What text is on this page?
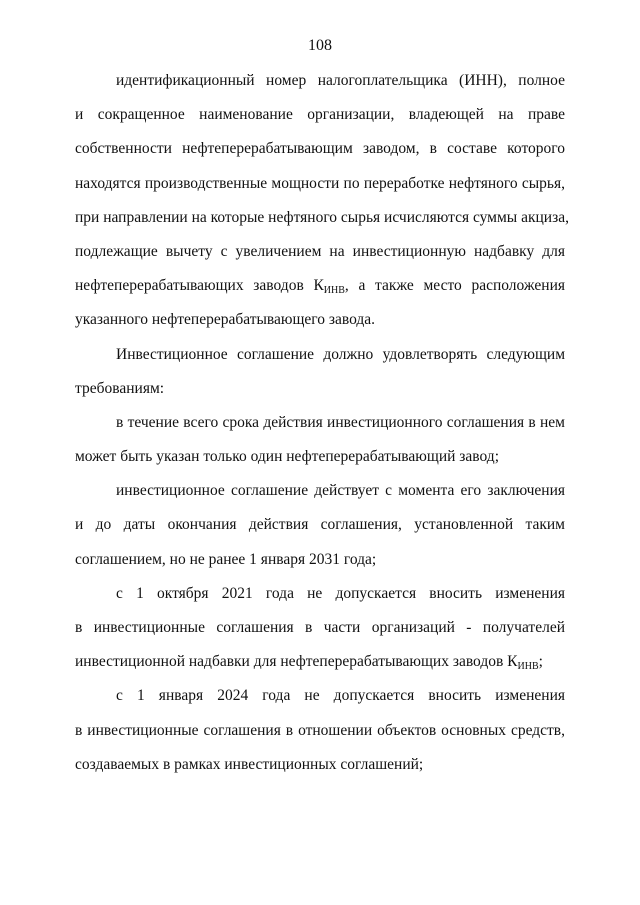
108
идентификационный номер налогоплательщика (ИНН), полное
и сокращенное наименование организации, владеющей на праве
собственности нефтеперерабатывающим заводом, в составе которого
находятся производственные мощности по переработке нефтяного сырья,
при направлении на которые нефтяного сырья исчисляются суммы акциза,
подлежащие вычету с увеличением на инвестиционную надбавку для
нефтеперерабатывающих заводов КИНВ, а также место расположения
указанного нефтеперерабатывающего завода.
Инвестиционное соглашение должно удовлетворять следующим
требованиям:
в течение всего срока действия инвестиционного соглашения в нем
может быть указан только один нефтеперерабатывающий завод;
инвестиционное соглашение действует с момента его заключения
и до даты окончания действия соглашения, установленной таким
соглашением, но не ранее 1 января 2031 года;
с 1 октября 2021 года не допускается вносить изменения
в инвестиционные соглашения в части организаций - получателей
инвестиционной надбавки для нефтеперерабатывающих заводов КИНВ;
с 1 января 2024 года не допускается вносить изменения
в инвестиционные соглашения в отношении объектов основных средств,
создаваемых в рамках инвестиционных соглашений;
